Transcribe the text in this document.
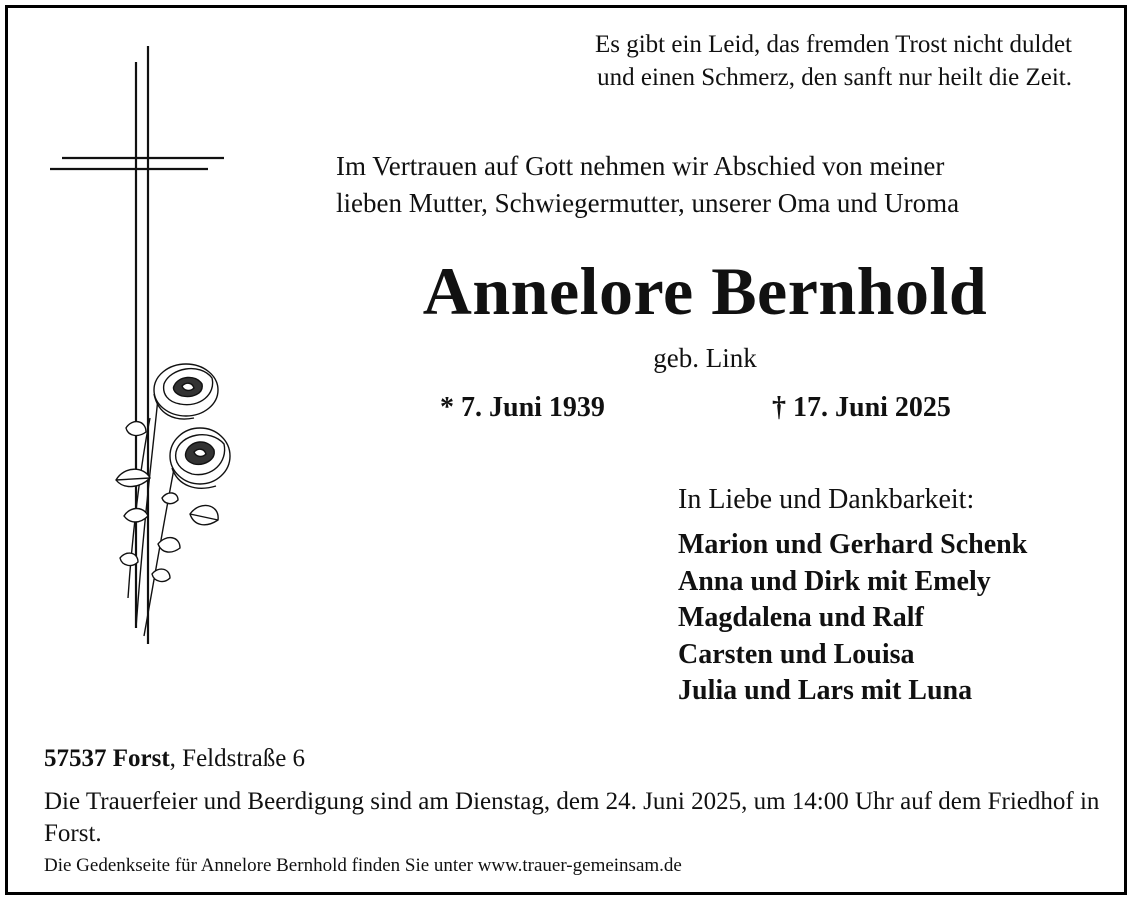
Es gibt ein Leid, das fremden Trost nicht duldet
und einen Schmerz, den sanft nur heilt die Zeit.
Im Vertrauen auf Gott nehmen wir Abschied von meiner
lieben Mutter, Schwiegermutter, unserer Oma und Uroma
Annelore Bernhold
geb. Link
* 7. Juni 1939	† 17. Juni 2025
In Liebe und Dankbarkeit:
Marion und Gerhard Schenk
Anna und Dirk mit Emely
Magdalena und Ralf
Carsten und Louisa
Julia und Lars mit Luna
57537 Forst, Feldstraße 6
Die Trauerfeier und Beerdigung sind am Dienstag, dem 24. Juni 2025, um 14:00 Uhr auf dem Friedhof in Forst.
Die Gedenkseite für Annelore Bernhold finden Sie unter www.trauer-gemeinsam.de
